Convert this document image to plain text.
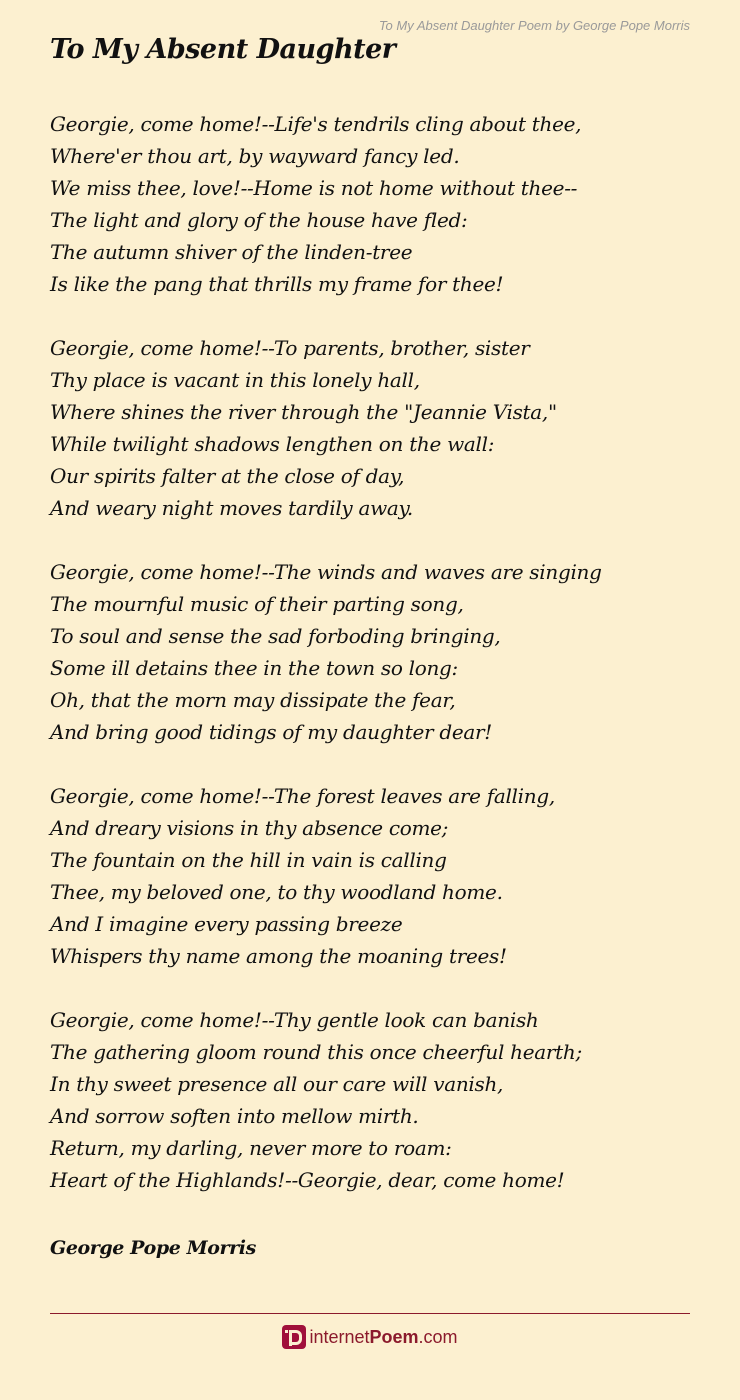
To My Absent Daughter Poem by George Pope Morris
To My Absent Daughter
Georgie, come home!--Life's tendrils cling about thee,
Where'er thou art, by wayward fancy led.
We miss thee, love!--Home is not home without thee--
The light and glory of the house have fled:
The autumn shiver of the linden-tree
Is like the pang that thrills my frame for thee!
Georgie, come home!--To parents, brother, sister
Thy place is vacant in this lonely hall,
Where shines the river through the "Jeannie Vista,"
While twilight shadows lengthen on the wall:
Our spirits falter at the close of day,
And weary night moves tardily away.
Georgie, come home!--The winds and waves are singing
The mournful music of their parting song,
To soul and sense the sad forboding bringing,
Some ill detains thee in the town so long:
Oh, that the morn may dissipate the fear,
And bring good tidings of my daughter dear!
Georgie, come home!--The forest leaves are falling,
And dreary visions in thy absence come;
The fountain on the hill in vain is calling
Thee, my beloved one, to thy woodland home.
And I imagine every passing breeze
Whispers thy name among the moaning trees!
Georgie, come home!--Thy gentle look can banish
The gathering gloom round this once cheerful hearth;
In thy sweet presence all our care will vanish,
And sorrow soften into mellow mirth.
Return, my darling, never more to roam:
Heart of the Highlands!--Georgie, dear, come home!
George Pope Morris
internetPoem.com
